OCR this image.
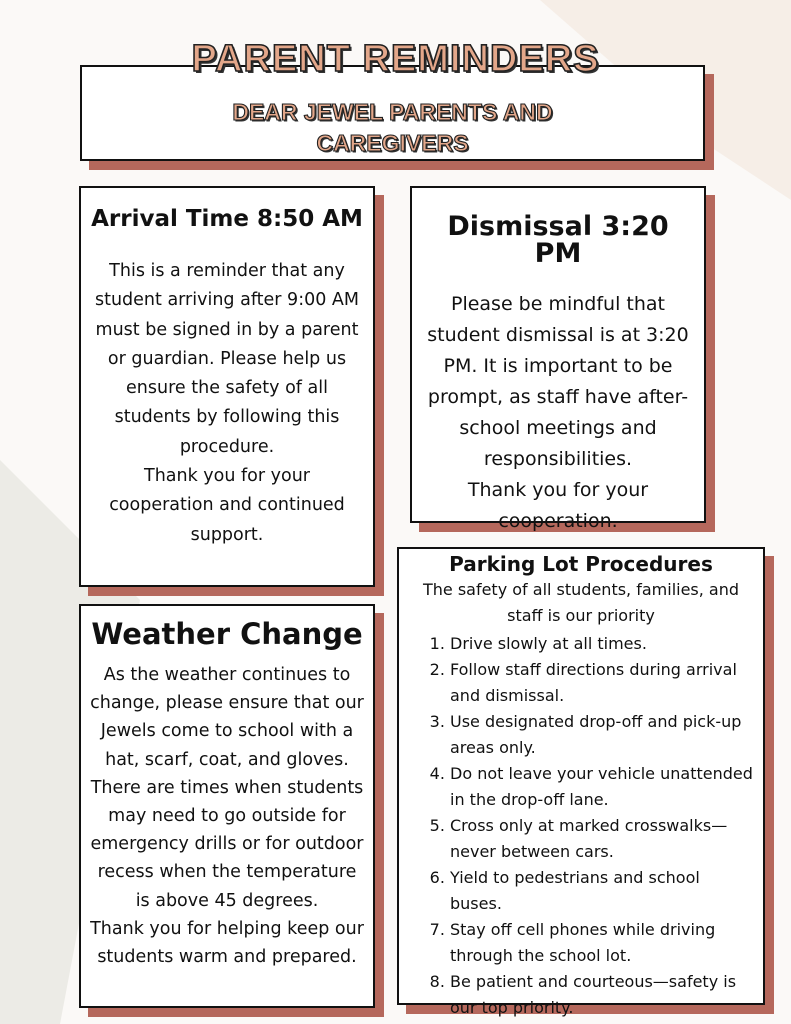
PARENT REMINDERS
DEAR JEWEL PARENTS AND
CAREGIVERS
Arrival Time 8:50 AM

This is a reminder that any student arriving after 9:00 AM must be signed in by a parent or guardian. Please help us ensure the safety of all students by following this procedure.

Thank you for your cooperation and continued support.

Dismissal 3:20 PM

Please be mindful that student dismissal is at 3:20 PM. It is important to be prompt, as staff have after-school meetings and responsibilities.

Thank you for your cooperation.

Weather Change

As the weather continues to change, please ensure that our Jewels come to school with a hat, scarf, coat, and gloves. There are times when students may need to go outside for emergency drills or for outdoor recess when the temperature is above 45 degrees.

Thank you for helping keep our students warm and prepared.

Parking Lot Procedures

The safety of all students, families, and staff is our priority

1. Drive slowly at all times.
2. Follow staff directions during arrival and dismissal.
3. Use designated drop-off and pick-up areas only.
4. Do not leave your vehicle unattended in the drop-off lane.
5. Cross only at marked crosswalks—never between cars.
6. Yield to pedestrians and school buses.
7. Stay off cell phones while driving through the school lot.
8. Be patient and courteous—safety is our top priority.
